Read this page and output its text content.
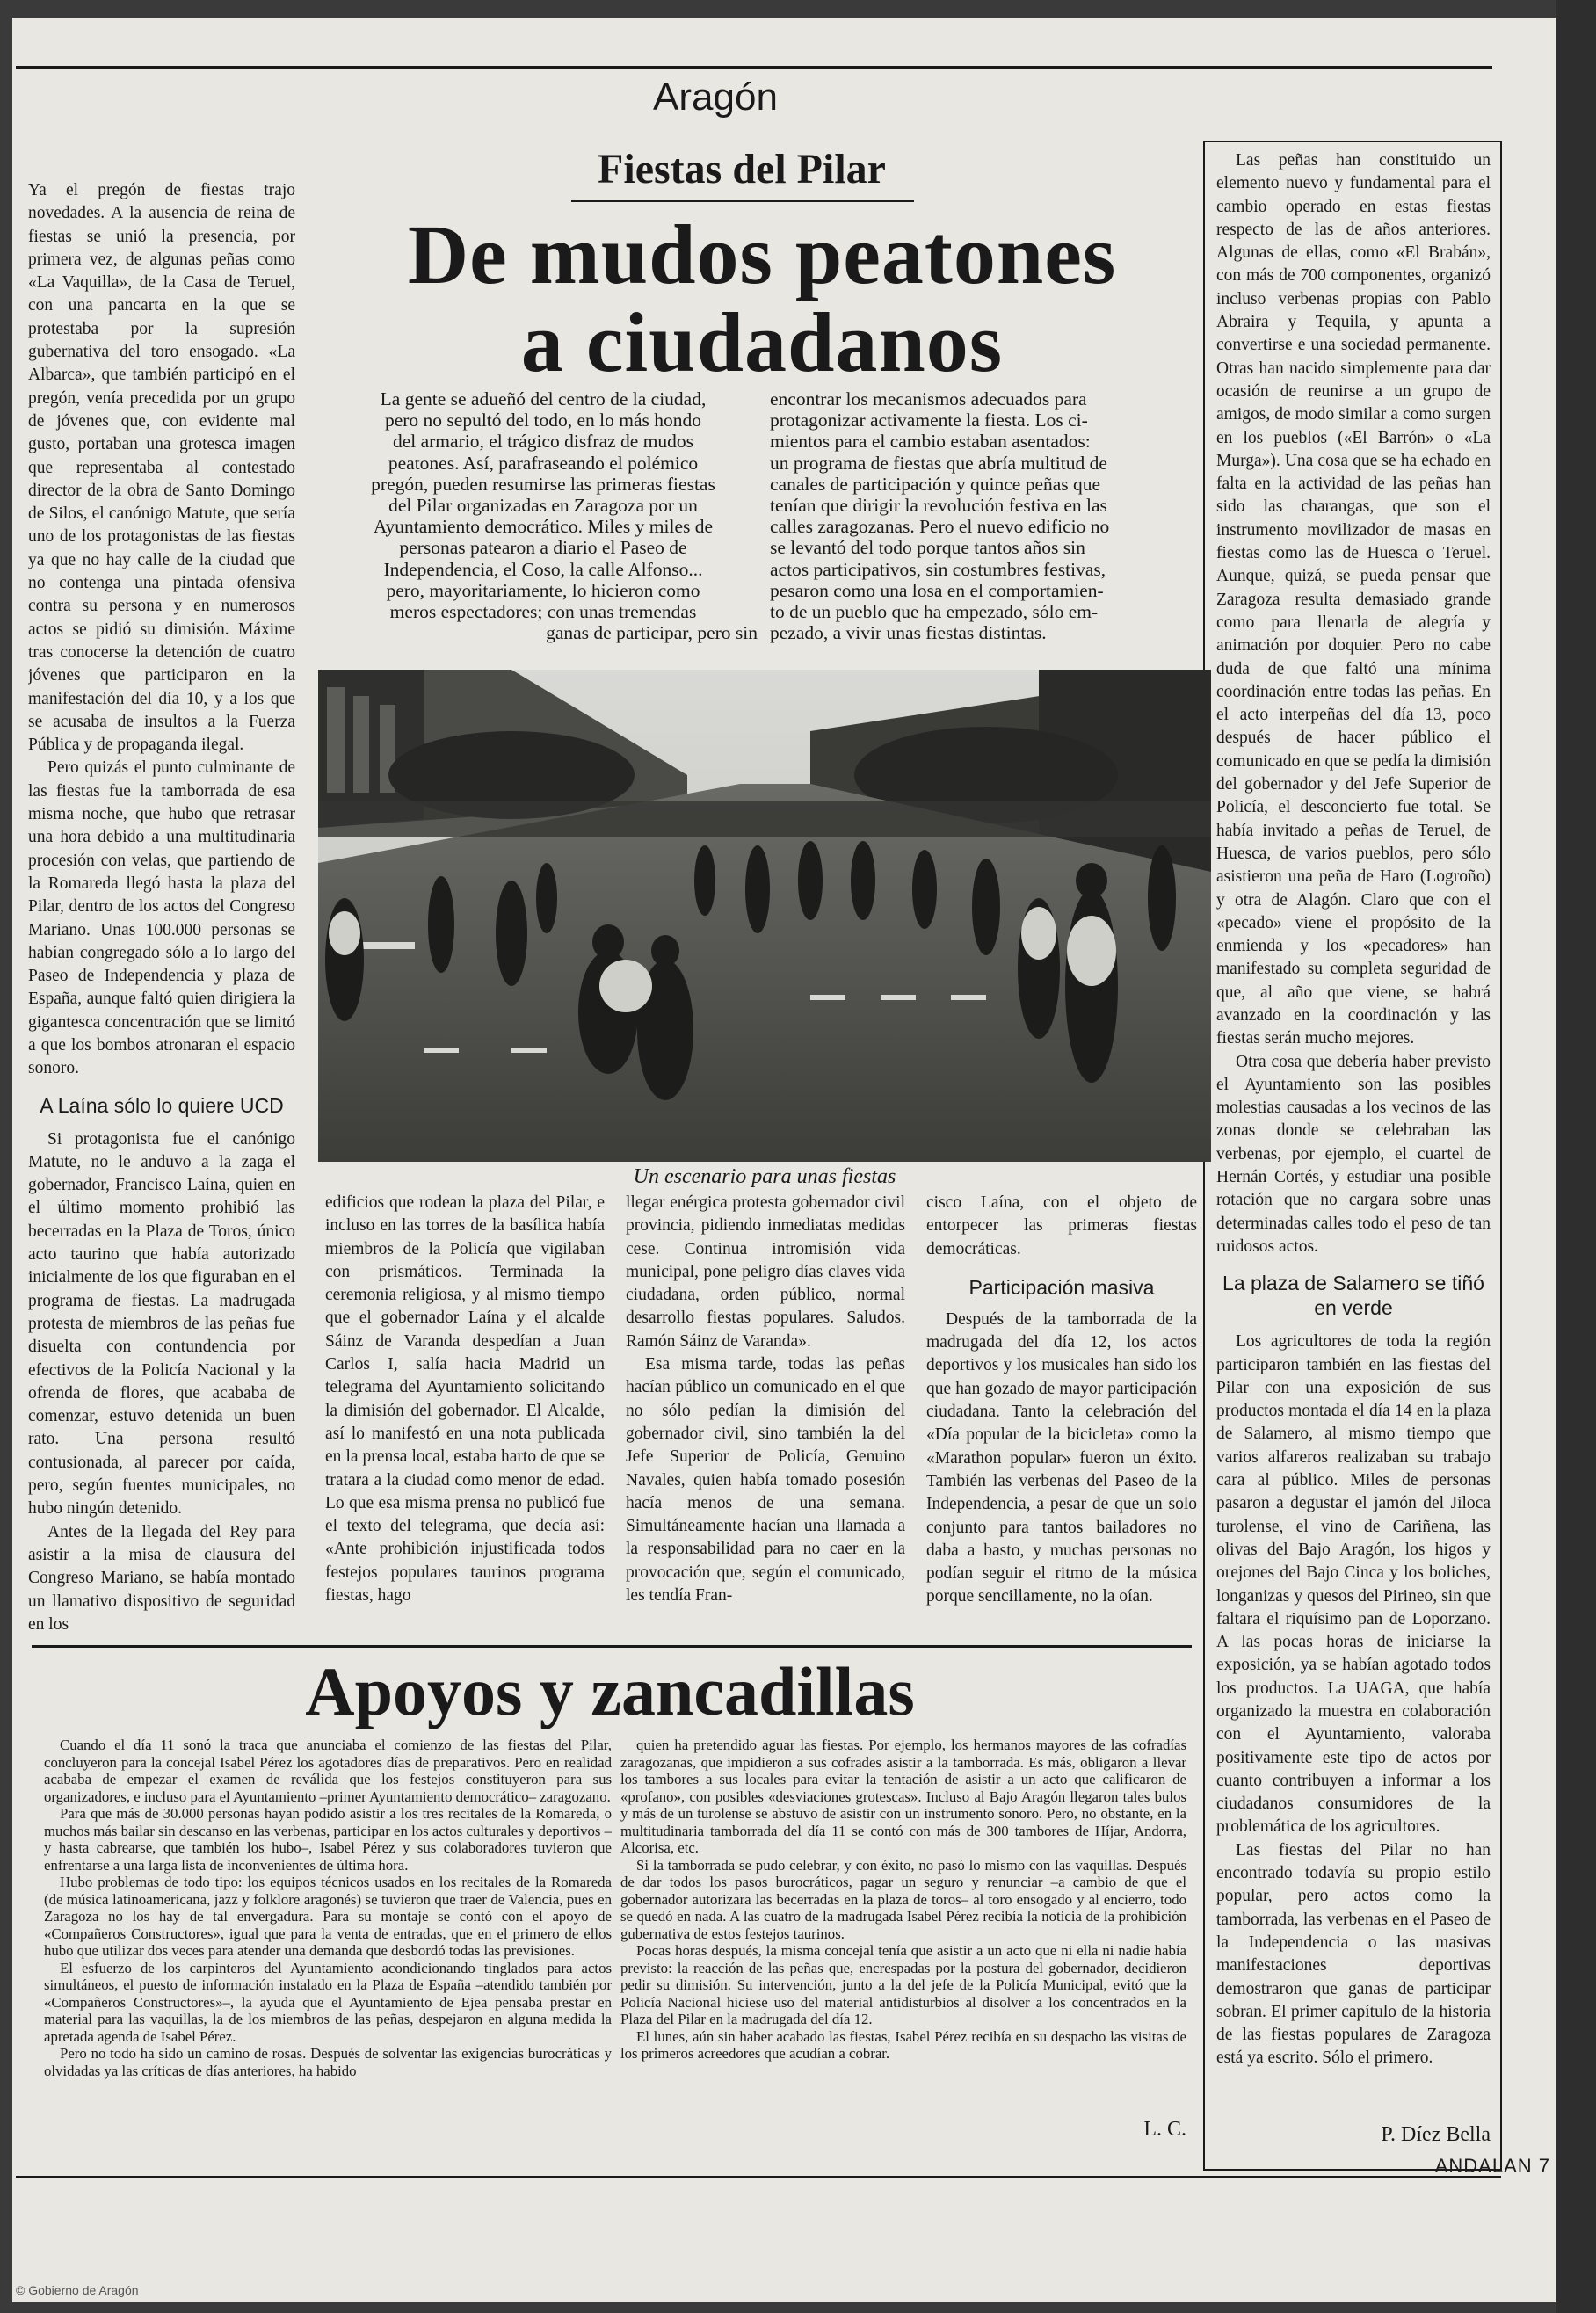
Aragón
Fiestas del Pilar
De mudos peatones
a ciudadanos
La gente se adueñó del centro de la ciudad,
pero no sepultó del todo, en lo más hondo
del armario, el trágico disfraz de mudos
peatones. Así, parafraseando el polémico
pregón, pueden resumirse las primeras fiestas
del Pilar organizadas en Zaragoza por un
Ayuntamiento democrático. Miles y miles de
personas patearon a diario el Paseo de
Independencia, el Coso, la calle Alfonso...
pero, mayoritariamente, lo hicieron como
meros espectadores; con unas tremendas
ganas de participar, pero sin
encontrar los mecanismos adecuados para
protagonizar activamente la fiesta. Los ci-
mientos para el cambio estaban asentados:
un programa de fiestas que abría multitud de
canales de participación y quince peñas que
tenían que dirigir la revolución festiva en las
calles zaragozanas. Pero el nuevo edificio no
se levantó del todo porque tantos años sin
actos participativos, sin costumbres festivas,
pesaron como una losa en el comportamien-
to de un pueblo que ha empezado, sólo em-
pezado, a vivir unas fiestas distintas.
Un escenario para unas fiestas

Ya el pregón de fiestas trajo novedades. A la ausencia de reina de fiestas se unió la presencia, por primera vez, de algunas peñas como «La Vaquilla», de la Casa de Teruel, con una pancarta en la que se protestaba por la supresión gubernativa del toro ensogado. «La Albarca», que también participó en el pregón, venía precedida por un grupo de jóvenes que, con evidente mal gusto, portaban una grotesca imagen que representaba al contestado director de la obra de Santo Domingo de Silos, el canónigo Matute, que sería uno de los protagonistas de las fiestas ya que no hay calle de la ciudad que no contenga una pintada ofensiva contra su persona y en numerosos actos se pidió su dimisión. Máxime tras conocerse la detención de cuatro jóvenes que participaron en la manifestación del día 10, y a los que se acusaba de insultos a la Fuerza Pública y de propaganda ilegal.

Pero quizás el punto culminante de las fiestas fue la tamborrada de esa misma noche, que hubo que retrasar una hora debido a una multitudinaria procesión con velas, que partiendo de la Romareda llegó hasta la plaza del Pilar, dentro de los actos del Congreso Mariano. Unas 100.000 personas se habían congregado sólo a lo largo del Paseo de Independencia y plaza de España, aunque faltó quien dirigiera la gigantesca concentración que se limitó a que los bombos atronaran el espacio sonoro.

A Laína sólo lo quiere UCD

Si protagonista fue el canónigo Matute, no le anduvo a la zaga el gobernador, Francisco Laína, quien en el último momento prohibió las becerradas en la Plaza de Toros, único acto taurino que había autorizado inicialmente de los que figuraban en el programa de fiestas. La madrugada protesta de miembros de las peñas fue disuelta con contundencia por efectivos de la Policía Nacional y la ofrenda de flores, que acababa de comenzar, estuvo detenida un buen rato. Una persona resultó contusionada, al parecer por caída, pero, según fuentes municipales, no hubo ningún detenido.

Antes de la llegada del Rey para asistir a la misa de clausura del Congreso Mariano, se había montado un llamativo dispositivo de seguridad en los

edificios que rodean la plaza del Pilar, e incluso en las torres de la basílica había miembros de la Policía que vigilaban con prismáticos. Terminada la ceremonia religiosa, y al mismo tiempo que el gobernador Laína y el alcalde Sáinz de Varanda despedían a Juan Carlos I, salía hacia Madrid un telegrama del Ayuntamiento solicitando la dimisión del gobernador. El Alcalde, así lo manifestó en una nota publicada en la prensa local, estaba harto de que se tratara a la ciudad como menor de edad. Lo que esa misma prensa no publicó fue el texto del telegrama, que decía así: «Ante prohibición injustificada todos festejos populares taurinos programa fiestas, hago

llegar enérgica protesta gobernador civil provincia, pidiendo inmediatas medidas cese. Continua intromisión vida municipal, pone peligro días claves vida ciudadana, orden público, normal desarrollo fiestas populares. Saludos. Ramón Sáinz de Varanda».

Esa misma tarde, todas las peñas hacían público un comunicado en el que no sólo pedían la dimisión del gobernador civil, sino también la del Jefe Superior de Policía, Genuino Navales, quien había tomado posesión hacía menos de una semana. Simultáneamente hacían una llamada a la responsabilidad para no caer en la provocación que, según el comunicado, les tendía Fran-

cisco Laína, con el objeto de entorpecer las primeras fiestas democráticas.

Participación masiva

Después de la tamborrada de la madrugada del día 12, los actos deportivos y los musicales han sido los que han gozado de mayor participación ciudadana. Tanto la celebración del «Día popular de la bicicleta» como la «Marathon popular» fueron un éxito. También las verbenas del Paseo de la Independencia, a pesar de que un solo conjunto para tantos bailadores no daba a basto, y muchas personas no podían seguir el ritmo de la música porque sencillamente, no la oían.

Las peñas han constituido un elemento nuevo y fundamental para el cambio operado en estas fiestas respecto de las de años anteriores. Algunas de ellas, como «El Brabán», con más de 700 componentes, organizó incluso verbenas propias con Pablo Abraira y Tequila, y apunta a convertirse e una sociedad permanente. Otras han nacido simplemente para dar ocasión de reunirse a un grupo de amigos, de modo similar a como surgen en los pueblos («El Barrón» o «La Murga»). Una cosa que se ha echado en falta en la actividad de las peñas han sido las charangas, que son el instrumento movilizador de masas en fiestas como las de Huesca o Teruel. Aunque, quizá, se pueda pensar que Zaragoza resulta demasiado grande como para llenarla de alegría y animación por doquier. Pero no cabe duda de que faltó una mínima coordinación entre todas las peñas. En el acto interpeñas del día 13, poco después de hacer público el comunicado en que se pedía la dimisión del gobernador y del Jefe Superior de Policía, el desconcierto fue total. Se había invitado a peñas de Teruel, de Huesca, de varios pueblos, pero sólo asistieron una peña de Haro (Logroño) y otra de Alagón. Claro que con el «pecado» viene el propósito de la enmienda y los «pecadores» han manifestado su completa seguridad de que, al año que viene, se habrá avanzado en la coordinación y las fiestas serán mucho mejores.

Otra cosa que debería haber previsto el Ayuntamiento son las posibles molestias causadas a los vecinos de las zonas donde se celebraban las verbenas, por ejemplo, el cuartel de Hernán Cortés, y estudiar una posible rotación que no cargara sobre unas determinadas calles todo el peso de tan ruidosos actos.

La plaza de Salamero se tiñó en verde

Los agricultores de toda la región participaron también en las fiestas del Pilar con una exposición de sus productos montada el día 14 en la plaza de Salamero, al mismo tiempo que varios alfareros realizaban su trabajo cara al público. Miles de personas pasaron a degustar el jamón del Jiloca turolense, el vino de Cariñena, las olivas del Bajo Aragón, los higos y orejones del Bajo Cinca y los boliches, longanizas y quesos del Pirineo, sin que faltara el riquísimo pan de Loporzano. A las pocas horas de iniciarse la exposición, ya se habían agotado todos los productos. La UAGA, que había organizado la muestra en colaboración con el Ayuntamiento, valoraba positivamente este tipo de actos por cuanto contribuyen a informar a los ciudadanos consumidores de la problemática de los agricultores.

Las fiestas del Pilar no han encontrado todavía su propio estilo popular, pero actos como la tamborrada, las verbenas en el Paseo de la Independencia o las masivas manifestaciones deportivas demostraron que ganas de participar sobran. El primer capítulo de la historia de las fiestas populares de Zaragoza está ya escrito. Sólo el primero.

P. Díez Bella
Apoyos y zancadillas

Cuando el día 11 sonó la traca que anunciaba el comienzo de las fiestas del Pilar, concluyeron para la concejal Isabel Pérez los agotadores días de preparativos. Pero en realidad acababa de empezar el examen de reválida que los festejos constituyeron para sus organizadores, e incluso para el Ayuntamiento –primer Ayuntamiento democrático– zaragozano.

Para que más de 30.000 personas hayan podido asistir a los tres recitales de la Romareda, o muchos más bailar sin descanso en las verbenas, participar en los actos culturales y deportivos –y hasta cabrearse, que también los hubo–, Isabel Pérez y sus colaboradores tuvieron que enfrentarse a una larga lista de inconvenientes de última hora.

Hubo problemas de todo tipo: los equipos técnicos usados en los recitales de la Romareda (de música latinoamericana, jazz y folklore aragonés) se tuvieron que traer de Valencia, pues en Zaragoza no los hay de tal envergadura. Para su montaje se contó con el apoyo de «Compañeros Constructores», igual que para la venta de entradas, que en el primero de ellos hubo que utilizar dos veces para atender una demanda que desbordó todas las previsiones.

El esfuerzo de los carpinteros del Ayuntamiento acondicionando tinglados para actos simultáneos, el puesto de información instalado en la Plaza de España –atendido también por «Compañeros Constructores»–, la ayuda que el Ayuntamiento de Ejea pensaba prestar en material para las vaquillas, la de los miembros de las peñas, despejaron en alguna medida la apretada agenda de Isabel Pérez.

Pero no todo ha sido un camino de rosas. Después de solventar las exigencias burocráticas y olvidadas ya las críticas de días anteriores, ha habido

quien ha pretendido aguar las fiestas. Por ejemplo, los hermanos mayores de las cofradías zaragozanas, que impidieron a sus cofrades asistir a la tamborrada. Es más, obligaron a llevar los tambores a sus locales para evitar la tentación de asistir a un acto que calificaron de «profano», con posibles «desviaciones grotescas». Incluso al Bajo Aragón llegaron tales bulos y más de un turolense se abstuvo de asistir con un instrumento sonoro. Pero, no obstante, en la multitudinaria tamborrada del día 11 se contó con más de 300 tambores de Híjar, Andorra, Alcorisa, etc.

Si la tamborrada se pudo celebrar, y con éxito, no pasó lo mismo con las vaquillas. Después de dar todos los pasos burocráticos, pagar un seguro y renunciar –a cambio de que el gobernador autorizara las becerradas en la plaza de toros– al toro ensogado y al encierro, todo se quedó en nada. A las cuatro de la madrugada Isabel Pérez recibía la noticia de la prohibición gubernativa de estos festejos taurinos.

Pocas horas después, la misma concejal tenía que asistir a un acto que ni ella ni nadie había previsto: la reacción de las peñas que, encrespadas por la postura del gobernador, decidieron pedir su dimisión. Su intervención, junto a la del jefe de la Policía Municipal, evitó que la Policía Nacional hiciese uso del material antidisturbios al disolver a los concentrados en la Plaza del Pilar en la madrugada del día 12.

El lunes, aún sin haber acabado las fiestas, Isabel Pérez recibía en su despacho las visitas de los primeros acreedores que acudían a cobrar.

L. C.
ANDALAN 7
© Gobierno de Aragón
